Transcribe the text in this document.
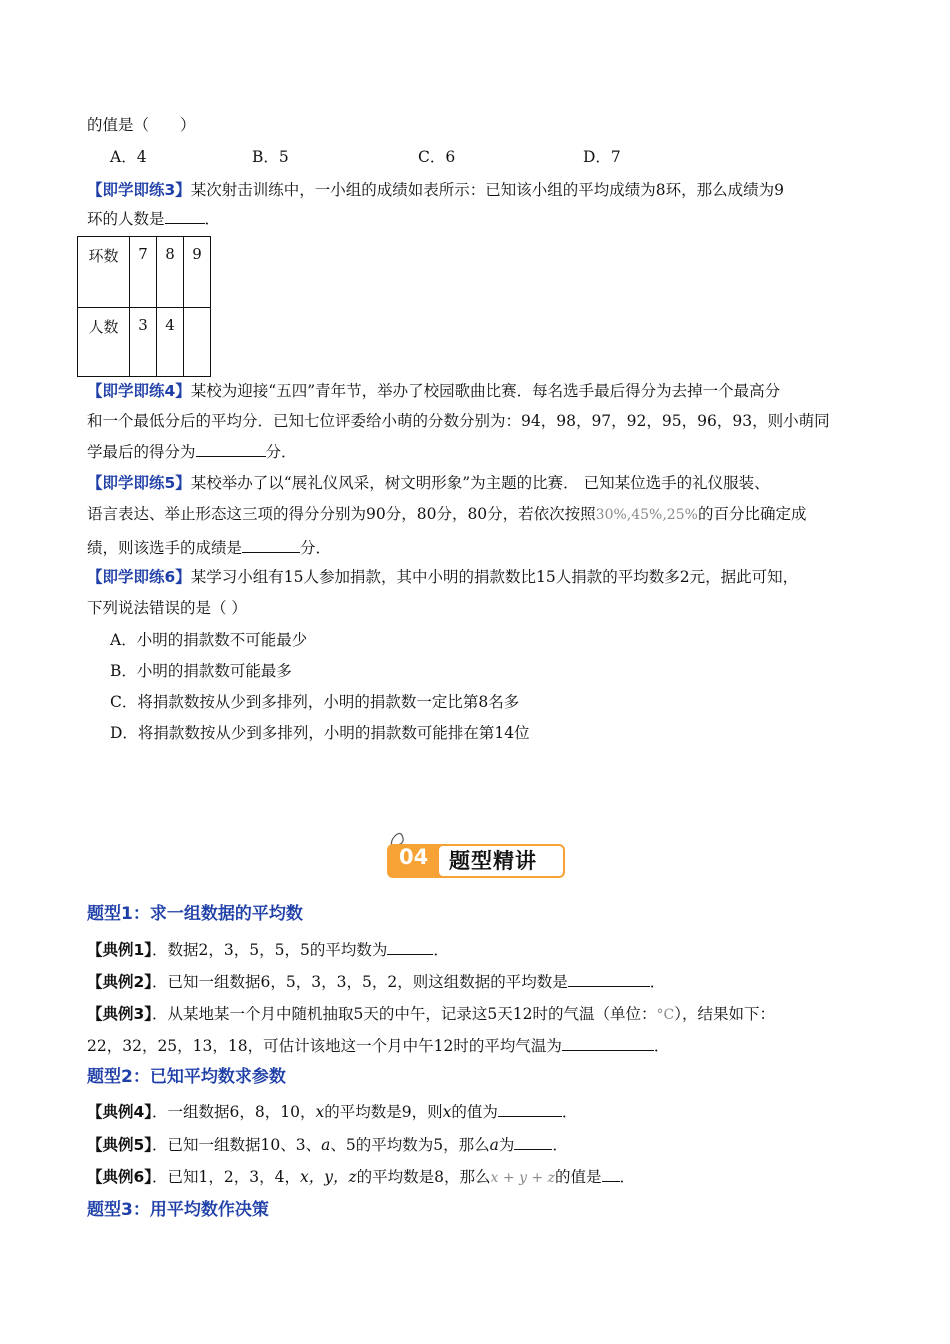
的值是（　　）
A．4	B．5	C．6	D．7
【即学即练3】某次射击训练中，一小组的成绩如表所示：已知该小组的平均成绩为8环，那么成绩为9
环的人数是	．
环数	7	8	9
人数	3	4	
【即学即练4】某校为迎接“五四”青年节，举办了校园歌曲比赛．每名选手最后得分为去掉一个最高分
和一个最低分后的平均分．已知七位评委给小萌的分数分别为：94，98，97，92，95，96，93，则小萌同
学最后的得分为	分．
【即学即练5】某校举办了以“展礼仪风采，树文明形象”为主题的比赛． 已知某位选手的礼仪服装、
语言表达、举止形态这三项的得分分别为90分，80分，80分，若依次按照30%,45%,25%的百分比确定成
绩，则该选手的成绩是	分．
【即学即练6】某学习小组有15人参加捐款，其中小明的捐款数比15人捐款的平均数多2元，据此可知，
下列说法错误的是（ ）
A．小明的捐款数不可能最少
B．小明的捐款数可能最多
C．将捐款数按从少到多排列，小明的捐款数一定比第8名多
D．将捐款数按从少到多排列，小明的捐款数可能排在第14位
04 题型精讲
题型1：求一组数据的平均数
【典例1】．数据2，3，5，5，5的平均数为	．
【典例2】．已知一组数据6，5，3，3，5，2，则这组数据的平均数是	．
【典例3】．从某地某一个月中随机抽取5天的中午，记录这5天12时的气温（单位：°C），结果如下：
22，32，25，13，18，可估计该地这一个月中午12时的平均气温为	．
题型2：已知平均数求参数
【典例4】．一组数据6，8，10，x的平均数是9，则x的值为	．
【典例5】．已知一组数据10、3、a、5的平均数为5，那么a为 ．
【典例6】．已知1，2，3，4，x，y，z的平均数是8，那么x + y + z的值是 ．
题型3：用平均数作决策
